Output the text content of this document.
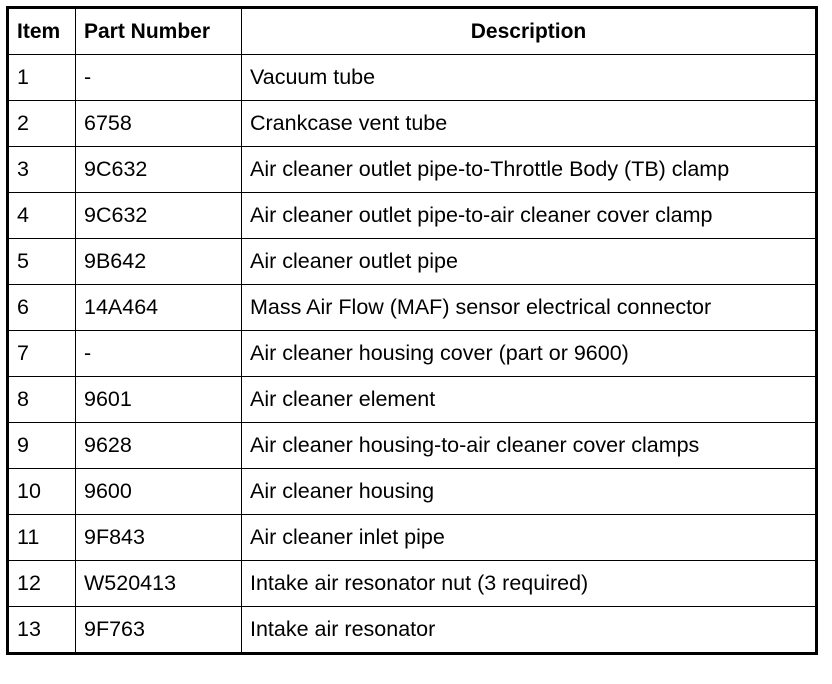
Item	Part Number	Description
1	-	Vacuum tube
2	6758	Crankcase vent tube
3	9C632	Air cleaner outlet pipe-to-Throttle Body (TB) clamp
4	9C632	Air cleaner outlet pipe-to-air cleaner cover clamp
5	9B642	Air cleaner outlet pipe
6	14A464	Mass Air Flow (MAF) sensor electrical connector
7	-	Air cleaner housing cover (part or 9600)
8	9601	Air cleaner element
9	9628	Air cleaner housing-to-air cleaner cover clamps
10	9600	Air cleaner housing
11	9F843	Air cleaner inlet pipe
12	W520413	Intake air resonator nut (3 required)
13	9F763	Intake air resonator
